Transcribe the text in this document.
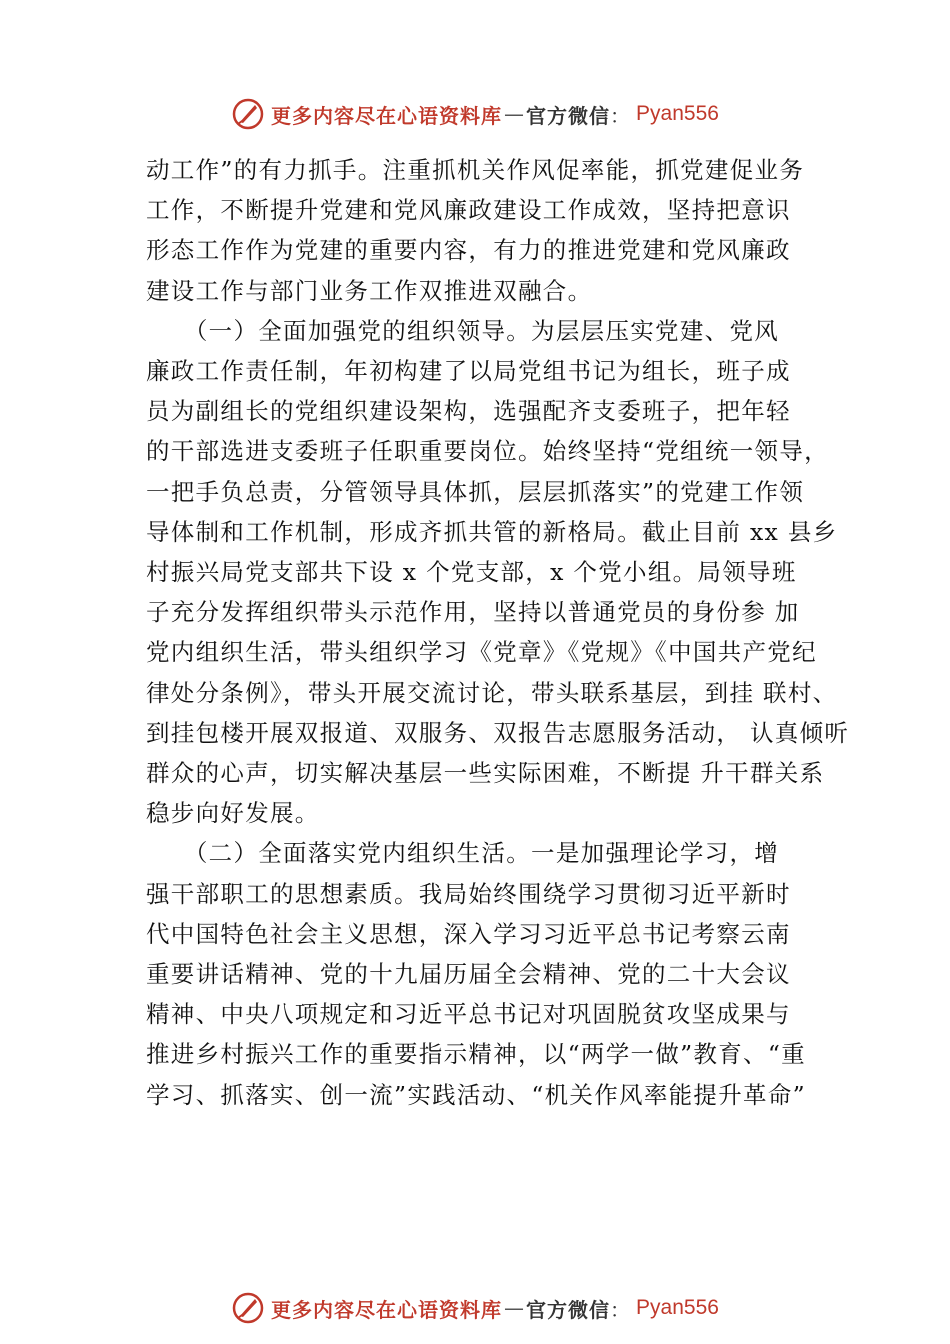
更多内容尽在心语资料库 — 官方微信 ： Pyan556
动工作”的有力抓手。注重抓机关作风促率能，抓党建促业务
工作，不断提升党建和党风廉政建设工作成效，坚持把意识
形态工作作为党建的重要内容，有力的推进党建和党风廉政
建设工作与部门业务工作双推进双融合。
　　（一）全面加强党的组织领导。为层层压实党建、党风
廉政工作责任制，年初构建了以局党组书记为组长，班子成
员为副组长的党组织建设架构，选强配齐支委班子，把年轻
的干部选进支委班子任职重要岗位。始终坚持“党组统一领导，
一把手负总责，分管领导具体抓，层层抓落实”的党建工作领
导体制和工作机制，形成齐抓共管的新格局。截止目前 xx 县乡
村振兴局党支部共下设 x 个党支部，x 个党小组。局领导班
子充分发挥组织带头示范作用，坚持以普通党员的身份参 加
党内组织生活，带头组织学习《党章》《党规》《中国共产党纪
律处分条例》，带头开展交流讨论，带头联系基层，到挂 联村、
到挂包楼开展双报道、双服务、双报告志愿服务活动， 认真倾听
群众的心声，切实解决基层一些实际困难，不断提 升干群关系
稳步向好发展。
　　（二）全面落实党内组织生活。一是加强理论学习，增
强干部职工的思想素质。我局始终围绕学习贯彻习近平新时
代中国特色社会主义思想，深入学习习近平总书记考察云南
重要讲话精神、党的十九届历届全会精神、党的二十大会议
精神、中央八项规定和习近平总书记对巩固脱贫攻坚成果与
推进乡村振兴工作的重要指示精神，以“两学一做”教育、“重
学习、抓落实、创一流”实践活动、“机关作风率能提升革命”
更多内容尽在心语资料库 — 官方微信 ： Pyan556
